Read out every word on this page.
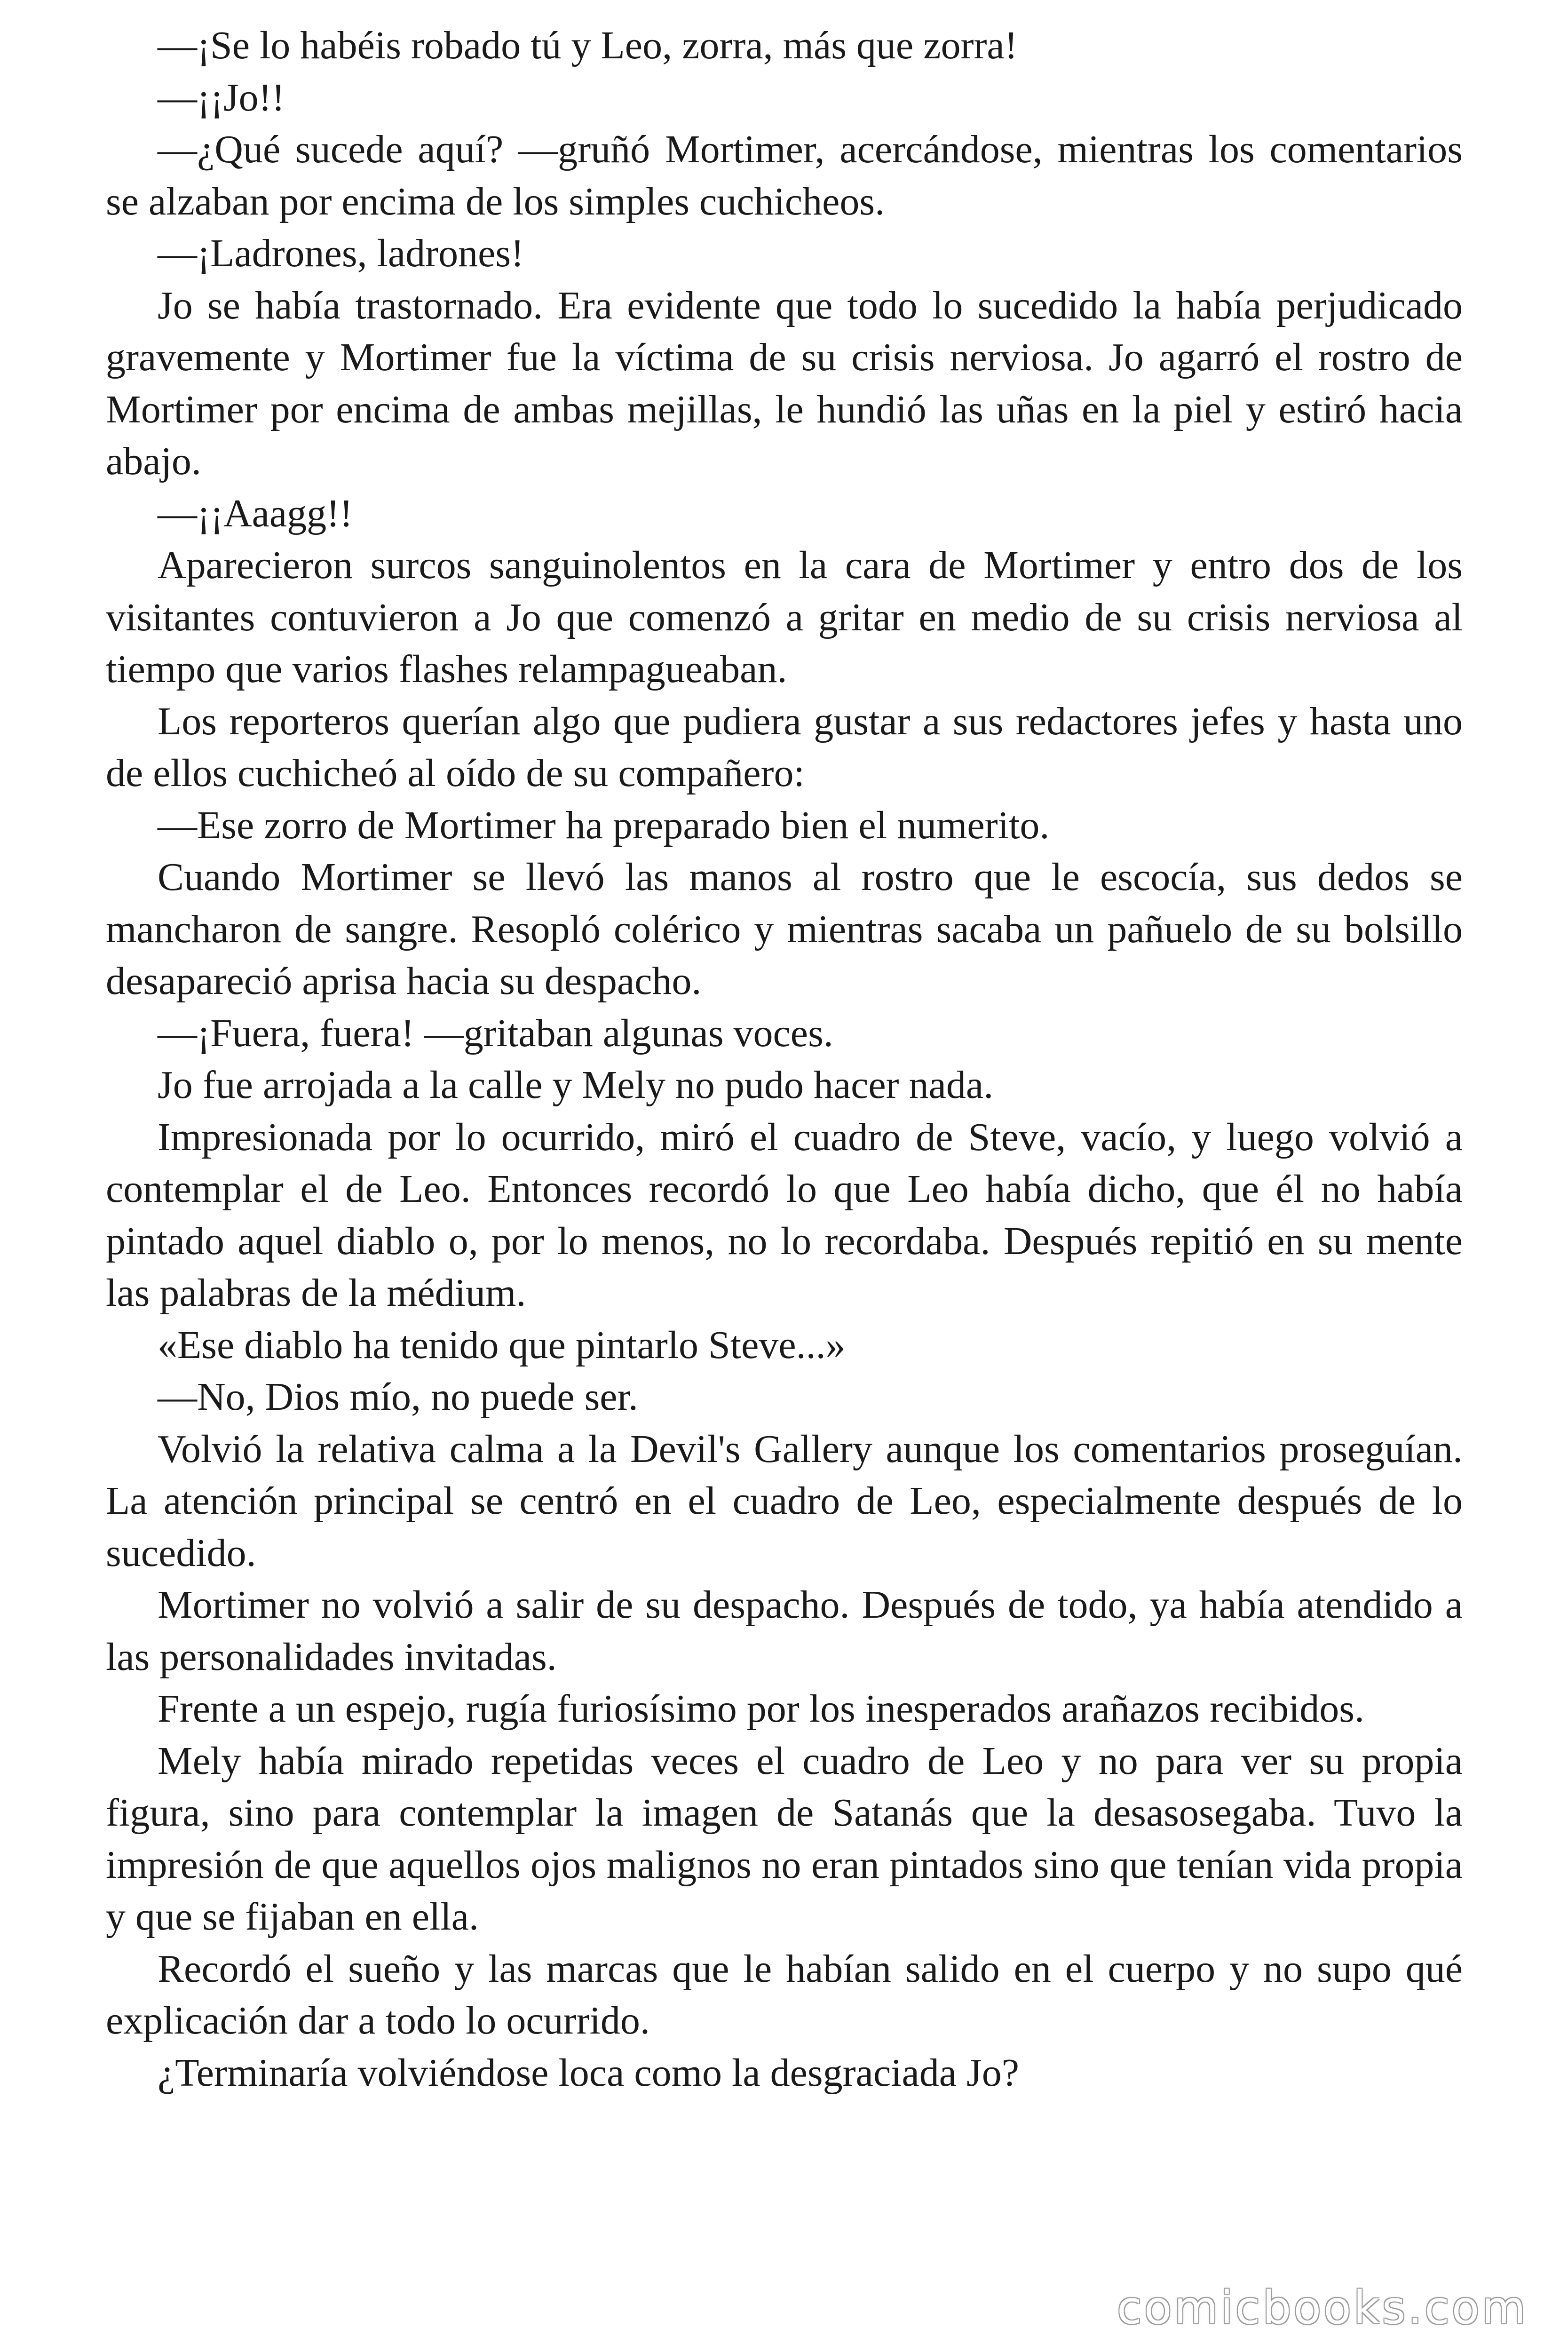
—¡Se lo habéis robado tú y Leo, zorra, más que zorra!

—¡¡Jo!!

—¿Qué sucede aquí? —gruñó Mortimer, acercándose, mientras los comentarios se alzaban por encima de los simples cuchicheos.

—¡Ladrones, ladrones!

Jo se había trastornado. Era evidente que todo lo sucedido la había perjudicado gravemente y Mortimer fue la víctima de su crisis nerviosa. Jo agarró el rostro de Mortimer por encima de ambas mejillas, le hundió las uñas en la piel y estiró hacia abajo.

—¡¡Aaagg!!

Aparecieron surcos sanguinolentos en la cara de Mortimer y entro dos de los visitantes contuvieron a Jo que comenzó a gritar en medio de su crisis nerviosa al tiempo que varios flashes relampagueaban.

Los reporteros querían algo que pudiera gustar a sus redactores jefes y hasta uno de ellos cuchicheó al oído de su compañero:

—Ese zorro de Mortimer ha preparado bien el numerito.

Cuando Mortimer se llevó las manos al rostro que le escocía, sus dedos se mancharon de sangre. Resopló colérico y mientras sacaba un pañuelo de su bolsillo desapareció aprisa hacia su despacho.

—¡Fuera, fuera! —gritaban algunas voces.

Jo fue arrojada a la calle y Mely no pudo hacer nada.

Impresionada por lo ocurrido, miró el cuadro de Steve, vacío, y luego volvió a contemplar el de Leo. Entonces recordó lo que Leo había dicho, que él no había pintado aquel diablo o, por lo menos, no lo recordaba. Después repitió en su mente las palabras de la médium.

«Ese diablo ha tenido que pintarlo Steve...»

—No, Dios mío, no puede ser.

Volvió la relativa calma a la Devil's Gallery aunque los comentarios proseguían. La atención principal se centró en el cuadro de Leo, especialmente después de lo sucedido.

Mortimer no volvió a salir de su despacho. Después de todo, ya había atendido a las personalidades invitadas.

Frente a un espejo, rugía furiosísimo por los inesperados arañazos recibidos.

Mely había mirado repetidas veces el cuadro de Leo y no para ver su propia figura, sino para contemplar la imagen de Satanás que la desasosegaba. Tuvo la impresión de que aquellos ojos malignos no eran pintados sino que tenían vida propia y que se fijaban en ella.

Recordó el sueño y las marcas que le habían salido en el cuerpo y no supo qué explicación dar a todo lo ocurrido.

¿Terminaría volviéndose loca como la desgraciada Jo?

comicbooks.com
